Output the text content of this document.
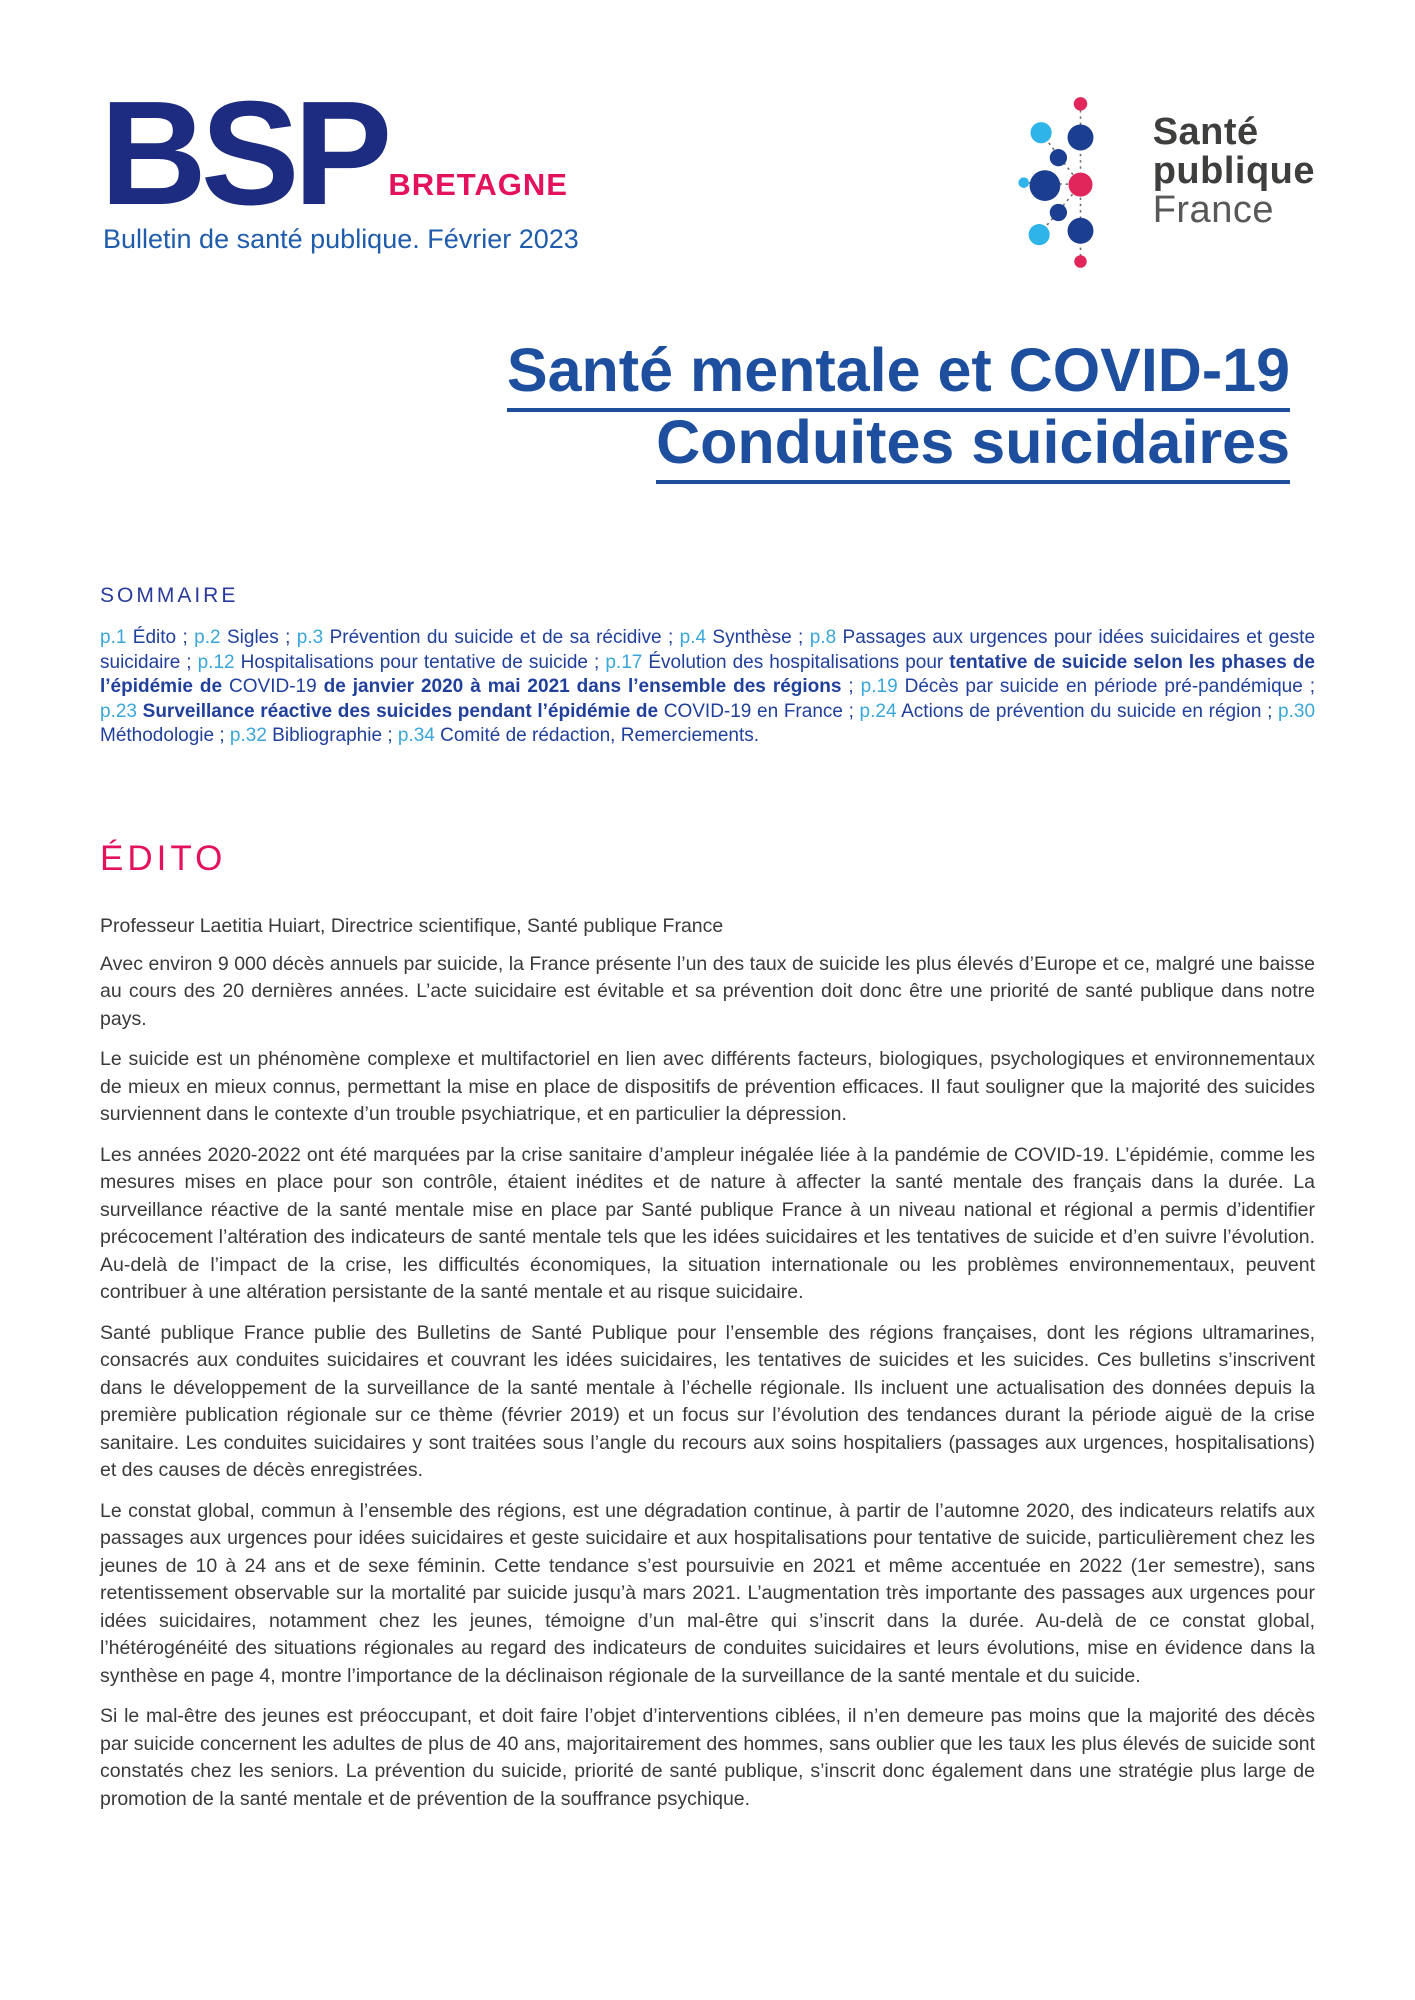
BSP BRETAGNE
Bulletin de santé publique. Février 2023
Santé
publique
France
Santé mentale et COVID-19
Conduites suicidaires
SOMMAIRE

p.1 Édito ; p.2 Sigles ; p.3 Prévention du suicide et de sa récidive ; p.4 Synthèse ; p.8 Passages aux urgences pour idées suicidaires et geste suicidaire ; p.12 Hospitalisations pour tentative de suicide ; p.17 Évolution des hospitalisations pour tentative de suicide selon les phases de l’épidémie de COVID-19 de janvier 2020 à mai 2021 dans l’ensemble des régions ; p.19 Décès par suicide en période pré-pandémique ; p.23 Surveillance réactive des suicides pendant l’épidémie de COVID-19 en France ; p.24 Actions de prévention du suicide en région ; p.30 Méthodologie ; p.32 Bibliographie ; p.34 Comité de rédaction, Remerciements.

ÉDITO

Professeur Laetitia Huiart, Directrice scientifique, Santé publique France

Avec environ 9 000 décès annuels par suicide, la France présente l’un des taux de suicide les plus élevés d’Europe et ce, malgré une baisse au cours des 20 dernières années. L’acte suicidaire est évitable et sa prévention doit donc être une priorité de santé publique dans notre pays.

Le suicide est un phénomène complexe et multifactoriel en lien avec différents facteurs, biologiques, psychologiques et environnementaux de mieux en mieux connus, permettant la mise en place de dispositifs de prévention efficaces. Il faut souligner que la majorité des suicides surviennent dans le contexte d’un trouble psychiatrique, et en particulier la dépression.

Les années 2020-2022 ont été marquées par la crise sanitaire d’ampleur inégalée liée à la pandémie de COVID-19. L’épidémie, comme les mesures mises en place pour son contrôle, étaient inédites et de nature à affecter la santé mentale des français dans la durée. La surveillance réactive de la santé mentale mise en place par Santé publique France à un niveau national et régional a permis d’identifier précocement l’altération des indicateurs de santé mentale tels que les idées suicidaires et les tentatives de suicide et d’en suivre l’évolution. Au-delà de l’impact de la crise, les difficultés économiques, la situation internationale ou les problèmes environnementaux, peuvent contribuer à une altération persistante de la santé mentale et au risque suicidaire.

Santé publique France publie des Bulletins de Santé Publique pour l’ensemble des régions françaises, dont les régions ultramarines, consacrés aux conduites suicidaires et couvrant les idées suicidaires, les tentatives de suicides et les suicides. Ces bulletins s’inscrivent dans le développement de la surveillance de la santé mentale à l’échelle régionale. Ils incluent une actualisation des données depuis la première publication régionale sur ce thème (février 2019) et un focus sur l’évolution des tendances durant la période aiguë de la crise sanitaire. Les conduites suicidaires y sont traitées sous l’angle du recours aux soins hospitaliers (passages aux urgences, hospitalisations) et des causes de décès enregistrées.

Le constat global, commun à l’ensemble des régions, est une dégradation continue, à partir de l’automne 2020, des indicateurs relatifs aux passages aux urgences pour idées suicidaires et geste suicidaire et aux hospitalisations pour tentative de suicide, particulièrement chez les jeunes de 10 à 24 ans et de sexe féminin. Cette tendance s’est poursuivie en 2021 et même accentuée en 2022 (1er semestre), sans retentissement observable sur la mortalité par suicide jusqu’à mars 2021. L’augmentation très importante des passages aux urgences pour idées suicidaires, notamment chez les jeunes, témoigne d’un mal-être qui s’inscrit dans la durée. Au-delà de ce constat global, l’hétérogénéité des situations régionales au regard des indicateurs de conduites suicidaires et leurs évolutions, mise en évidence dans la synthèse en page 4, montre l’importance de la déclinaison régionale de la surveillance de la santé mentale et du suicide.

Si le mal-être des jeunes est préoccupant, et doit faire l’objet d’interventions ciblées, il n’en demeure pas moins que la majorité des décès par suicide concernent les adultes de plus de 40 ans, majoritairement des hommes, sans oublier que les taux les plus élevés de suicide sont constatés chez les seniors. La prévention du suicide, priorité de santé publique, s’inscrit donc également dans une stratégie plus large de promotion de la santé mentale et de prévention de la souffrance psychique.
